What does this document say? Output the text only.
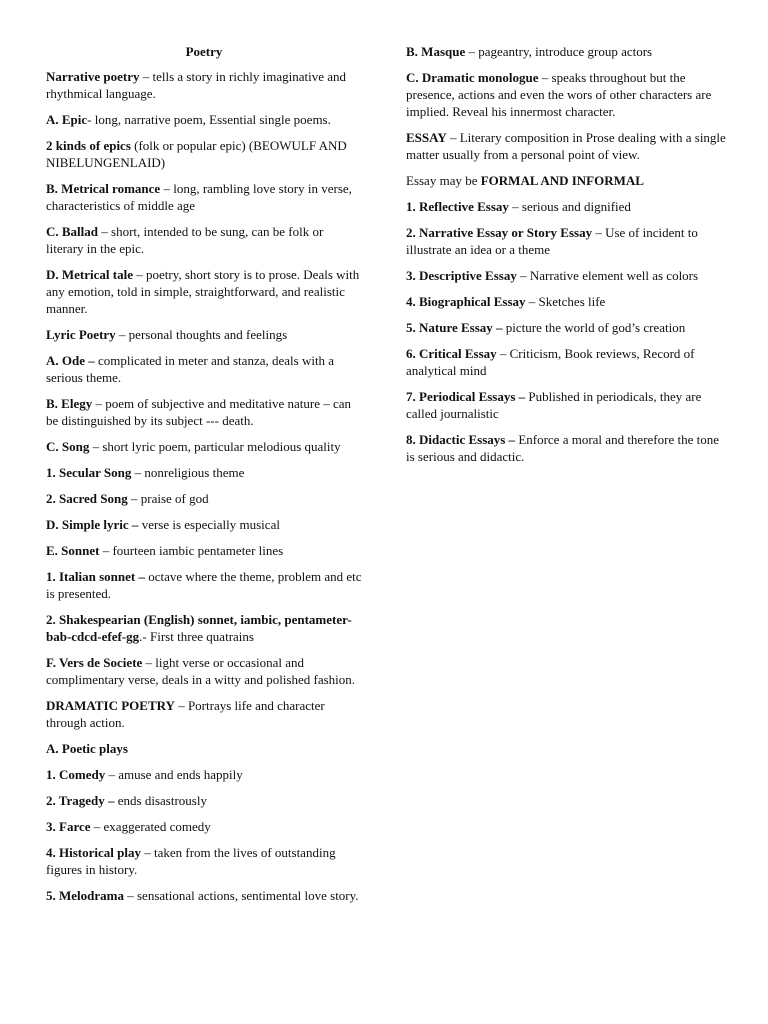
Poetry

Narrative poetry – tells a story in richly imaginative and rhythmical language.

A. Epic- long, narrative poem, Essential single poems.

2 kinds of epics (folk or popular epic) (BEOWULF AND NIBELUNGENLAID)

B. Metrical romance – long, rambling love story in verse, characteristics of middle age

C. Ballad – short, intended to be sung, can be folk or literary in the epic.

D. Metrical tale – poetry, short story is to prose. Deals with any emotion, told in simple, straightforward, and realistic manner.

Lyric Poetry – personal thoughts and feelings

A. Ode – complicated in meter and stanza, deals with a serious theme.

B. Elegy – poem of subjective and meditative nature – can be distinguished by its subject --- death.

C. Song – short lyric poem, particular melodious quality

1. Secular Song – nonreligious theme

2. Sacred Song – praise of god

D. Simple lyric – verse is especially musical

E. Sonnet – fourteen iambic pentameter lines

1. Italian sonnet – octave where the theme, problem and etc is presented.

2. Shakespearian (English) sonnet, iambic, pentameter-bab-cdcd-efef-gg.- First three quatrains

F. Vers de Societe – light verse or occasional and complimentary verse, deals in a witty and polished fashion.

DRAMATIC POETRY – Portrays life and character through action.

A. Poetic plays

1. Comedy – amuse and ends happily

2. Tragedy – ends disastrously

3. Farce – exaggerated comedy

4. Historical play – taken from the lives of outstanding figures in history.

5. Melodrama – sensational actions, sentimental love story.

B. Masque – pageantry, introduce group actors

C. Dramatic monologue – speaks throughout but the presence, actions and even the wors of other characters are implied. Reveal his innermost character.

ESSAY – Literary composition in Prose dealing with a single matter usually from a personal point of view.

Essay may be FORMAL AND INFORMAL

1. Reflective Essay – serious and dignified

2. Narrative Essay or Story Essay – Use of incident to illustrate an idea or a theme

3. Descriptive Essay – Narrative element well as colors

4. Biographical Essay – Sketches life

5. Nature Essay – picture the world of god’s creation

6. Critical Essay – Criticism, Book reviews, Record of analytical mind

7. Periodical Essays – Published in periodicals, they are called journalistic

8. Didactic Essays – Enforce a moral and therefore the tone is serious and didactic.
